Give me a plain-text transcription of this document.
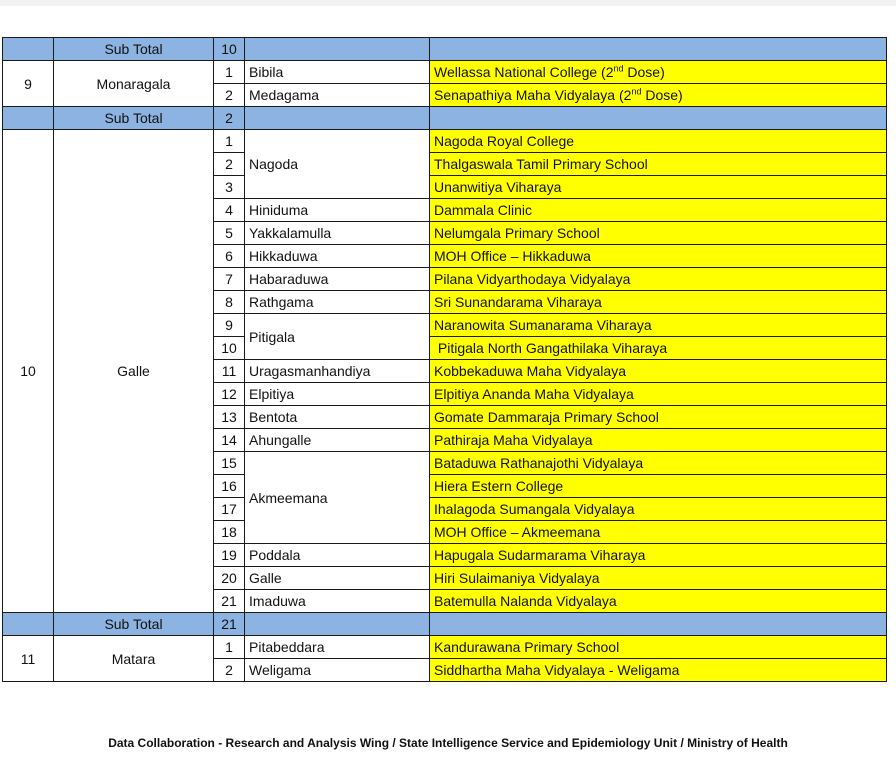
	Sub Total	10		
9	Monaragala	1	Bibila	Wellassa National College (2nd Dose)
		2	Medagama	Senapathiya Maha Vidyalaya (2nd Dose)
	Sub Total	2		
10	Galle	1	Nagoda	Nagoda Royal College
		2		Thalgaswala Tamil Primary School
		3		Unanwitiya Viharaya
		4	Hiniduma	Dammala Clinic
		5	Yakkalamulla	Nelumgala Primary School
		6	Hikkaduwa	MOH Office – Hikkaduwa
		7	Habaraduwa	Pilana Vidyarthodaya Vidyalaya
		8	Rathgama	Sri Sunandarama Viharaya
		9	Pitigala	Naranowita Sumanarama Viharaya
		10		Pitigala North Gangathilaka Viharaya
		11	Uragasmanhandiya	Kobbekaduwa Maha Vidyalaya
		12	Elpitiya	Elpitiya Ananda Maha Vidyalaya
		13	Bentota	Gomate Dammaraja Primary School
		14	Ahungalle	Pathiraja Maha Vidyalaya
		15	Akmeemana	Bataduwa Rathanajothi Vidyalaya
		16		Hiera Estern College
		17		Ihalagoda Sumangala Vidyalaya
		18		MOH Office – Akmeemana
		19	Poddala	Hapugala Sudarmarama Viharaya
		20	Galle	Hiri Sulaimaniya Vidyalaya
		21	Imaduwa	Batemulla Nalanda Vidyalaya
	Sub Total	21		
11	Matara	1	Pitabeddara	Kandurawana Primary School
		2	Weligama	Siddhartha Maha Vidyalaya - Weligama
Data Collaboration - Research and Analysis Wing / State Intelligence Service and Epidemiology Unit / Ministry of Health
